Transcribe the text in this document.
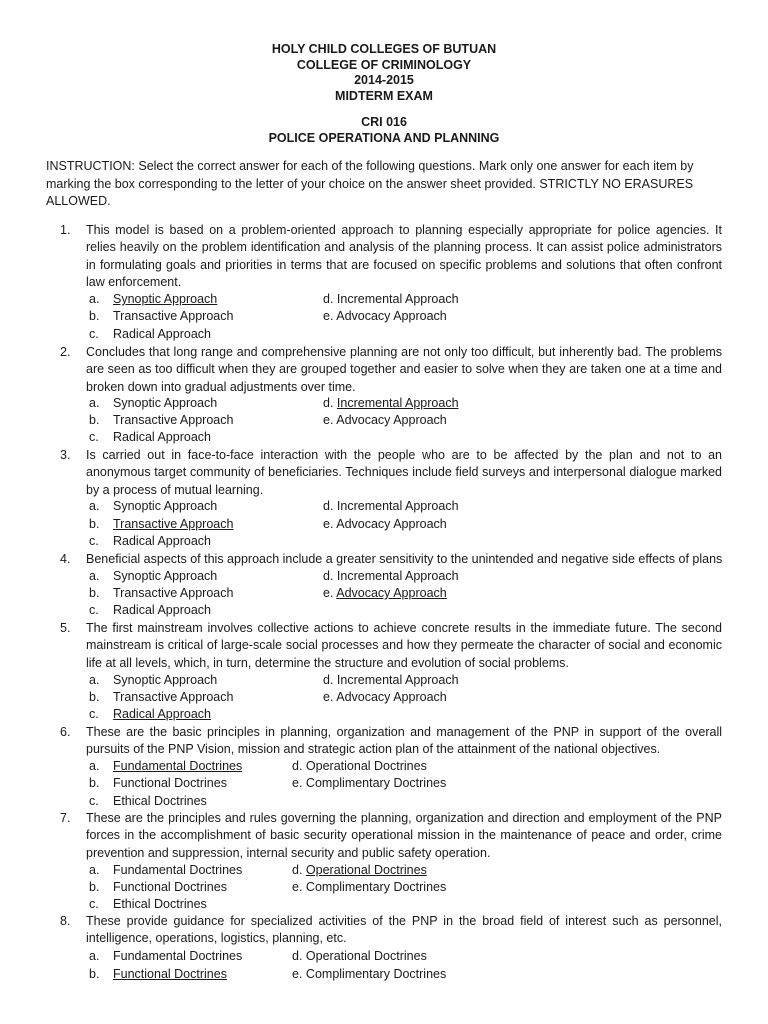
HOLY CHILD COLLEGES OF BUTUAN
COLLEGE OF CRIMINOLOGY
2014-2015
MIDTERM EXAM
CRI 016
POLICE OPERATIONA AND PLANNING
INSTRUCTION: Select the correct answer for each of the following questions. Mark only one answer for each item by marking the box corresponding to the letter of your choice on the answer sheet provided. STRICTLY NO ERASURES ALLOWED.
1. This model is based on a problem-oriented approach to planning especially appropriate for police agencies. It relies heavily on the problem identification and analysis of the planning process. It can assist police administrators in formulating goals and priorities in terms that are focused on specific problems and solutions that often confront law enforcement.
a. Synoptic Approach	d. Incremental Approach
b. Transactive Approach	e. Advocacy Approach
c. Radical Approach
2. Concludes that long range and comprehensive planning are not only too difficult, but inherently bad. The problems are seen as too difficult when they are grouped together and easier to solve when they are taken one at a time and broken down into gradual adjustments over time.
a. Synoptic Approach	d. Incremental Approach
b. Transactive Approach	e. Advocacy Approach
c. Radical Approach
3. Is carried out in face-to-face interaction with the people who are to be affected by the plan and not to an anonymous target community of beneficiaries. Techniques include field surveys and interpersonal dialogue marked by a process of mutual learning.
a. Synoptic Approach	d. Incremental Approach
b. Transactive Approach	e. Advocacy Approach
c. Radical Approach
4. Beneficial aspects of this approach include a greater sensitivity to the unintended and negative side effects of plans
a. Synoptic Approach	d. Incremental Approach
b. Transactive Approach	e. Advocacy Approach
c. Radical Approach
5. The first mainstream involves collective actions to achieve concrete results in the immediate future. The second mainstream is critical of large-scale social processes and how they permeate the character of social and economic life at all levels, which, in turn, determine the structure and evolution of social problems.
a. Synoptic Approach	d. Incremental Approach
b. Transactive Approach	e. Advocacy Approach
c. Radical Approach
6. These are the basic principles in planning, organization and management of the PNP in support of the overall pursuits of the PNP Vision, mission and strategic action plan of the attainment of the national objectives.
a. Fundamental Doctrines	d. Operational Doctrines
b. Functional Doctrines	e. Complimentary Doctrines
c. Ethical Doctrines
7. These are the principles and rules governing the planning, organization and direction and employment of the PNP forces in the accomplishment of basic security operational mission in the maintenance of peace and order, crime prevention and suppression, internal security and public safety operation.
a. Fundamental Doctrines	d. Operational Doctrines
b. Functional Doctrines	e. Complimentary Doctrines
c. Ethical Doctrines
8. These provide guidance for specialized activities of the PNP in the broad field of interest such as personnel, intelligence, operations, logistics, planning, etc.
a. Fundamental Doctrines	d. Operational Doctrines
b. Functional Doctrines	e. Complimentary Doctrines
